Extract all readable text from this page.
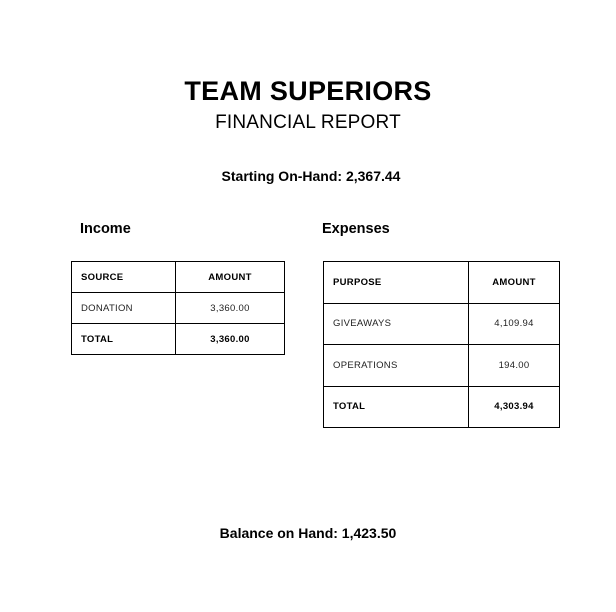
TEAM SUPERIORS
FINANCIAL REPORT
Starting On-Hand: 2,367.44
Income	Expenses
SOURCE	AMOUNT
DONATION	3,360.00
TOTAL	3,360.00
PURPOSE	AMOUNT
GIVEAWAYS	4,109.94
OPERATIONS	194.00
TOTAL	4,303.94
Balance on Hand: 1,423.50
